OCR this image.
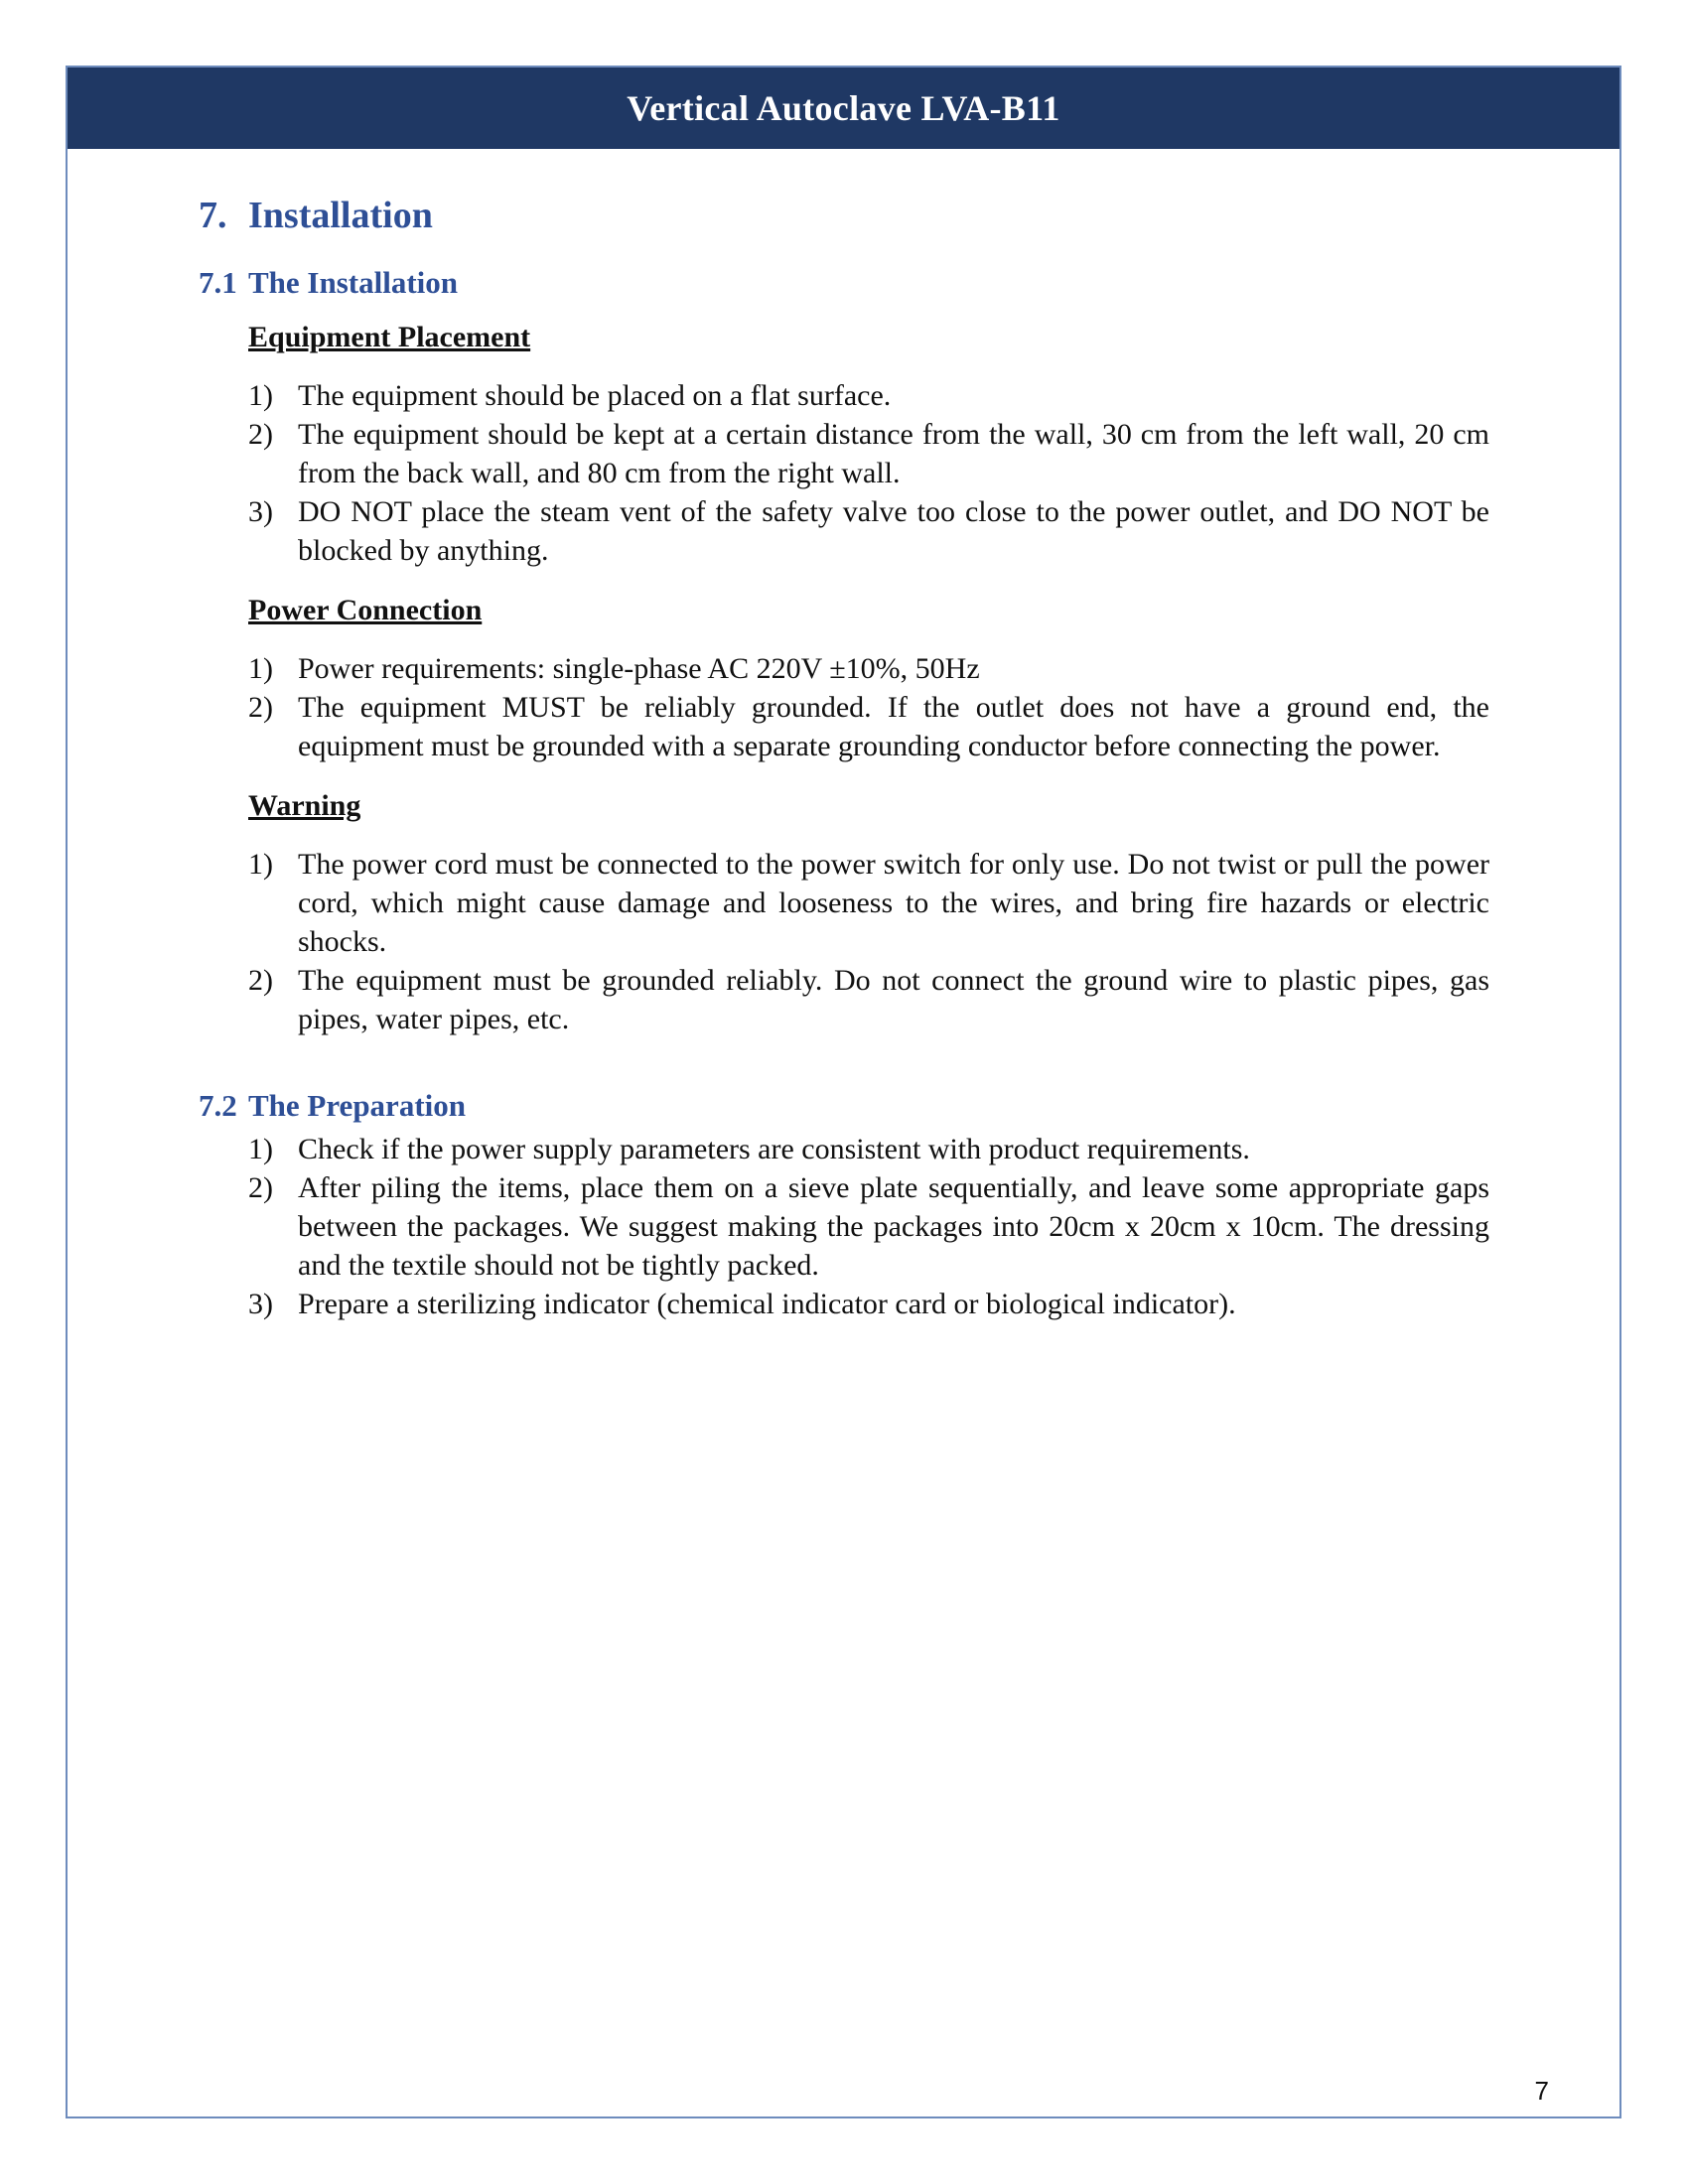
Vertical Autoclave LVA-B11
7. Installation
7.1 The Installation
Equipment Placement
1) The equipment should be placed on a flat surface.
2) The equipment should be kept at a certain distance from the wall, 30 cm from the left wall, 20 cm from the back wall, and 80 cm from the right wall.
3) DO NOT place the steam vent of the safety valve too close to the power outlet, and DO NOT be blocked by anything.
Power Connection
1) Power requirements: single-phase AC 220V ±10%, 50Hz
2) The equipment MUST be reliably grounded. If the outlet does not have a ground end, the equipment must be grounded with a separate grounding conductor before connecting the power.
Warning
1) The power cord must be connected to the power switch for only use. Do not twist or pull the power cord, which might cause damage and looseness to the wires, and bring fire hazards or electric shocks.
2) The equipment must be grounded reliably. Do not connect the ground wire to plastic pipes, gas pipes, water pipes, etc.
7.2 The Preparation
1) Check if the power supply parameters are consistent with product requirements.
2) After piling the items, place them on a sieve plate sequentially, and leave some appropriate gaps between the packages. We suggest making the packages into 20cm x 20cm x 10cm. The dressing and the textile should not be tightly packed.
3) Prepare a sterilizing indicator (chemical indicator card or biological indicator).
7
